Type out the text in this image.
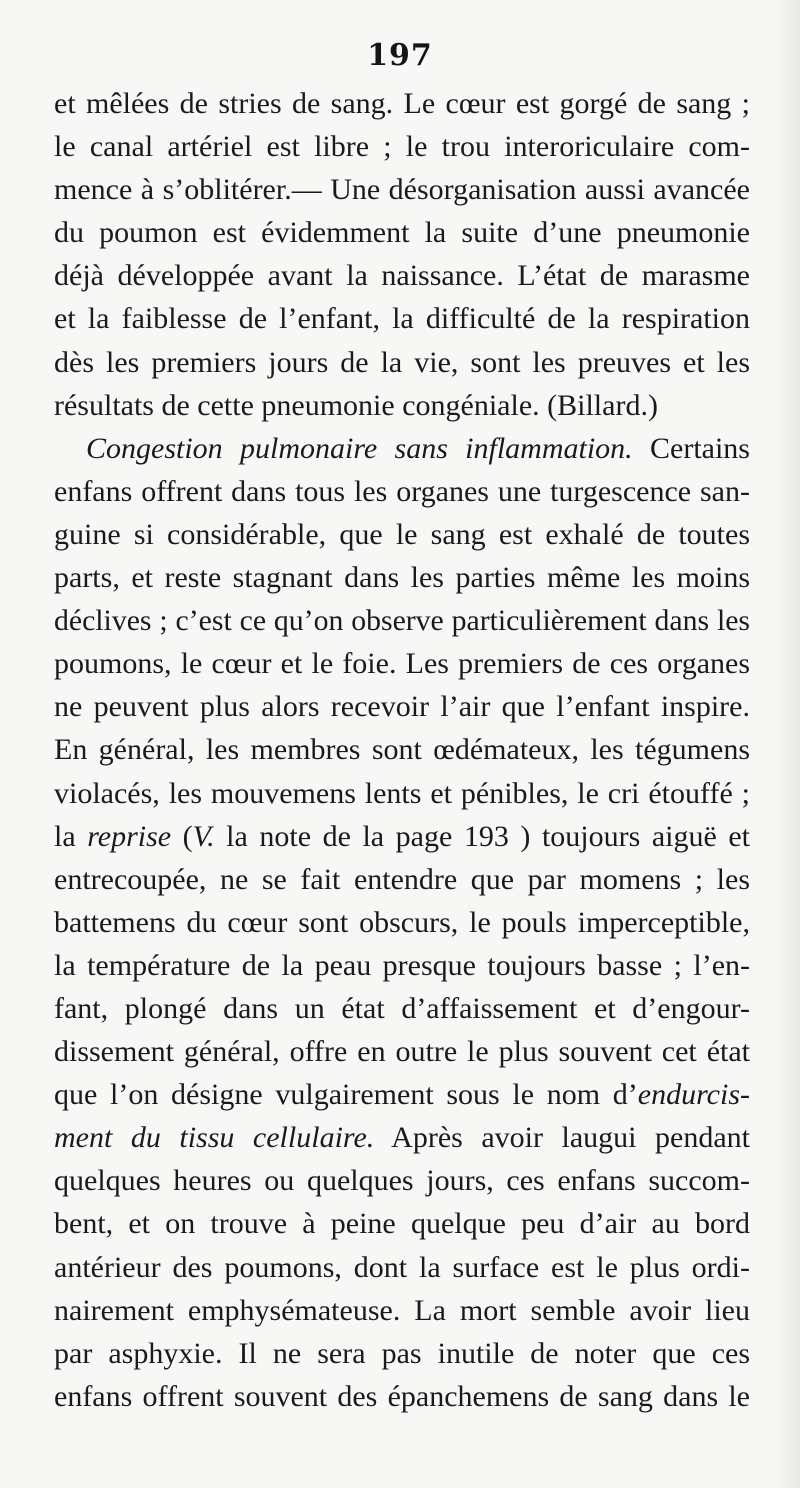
197
et mêlées de stries de sang. Le cœur est gorgé de sang ;
le canal artériel est libre ; le trou interoriculaire com-
mence à s’oblitérer.— Une désorganisation aussi avancée
du poumon est évidemment la suite d’une pneumonie
déjà développée avant la naissance. L’état de marasme
et la faiblesse de l’enfant, la difficulté de la respiration
dès les premiers jours de la vie, sont les preuves et les
résultats de cette pneumonie congéniale. (Billard.)
Congestion pulmonaire sans inflammation. Certains
enfans offrent dans tous les organes une turgescence san-
guine si considérable, que le sang est exhalé de toutes
parts, et reste stagnant dans les parties même les moins
déclives ; c’est ce qu’on observe particulièrement dans les
poumons, le cœur et le foie. Les premiers de ces organes
ne peuvent plus alors recevoir l’air que l’enfant inspire.
En général, les membres sont œdémateux, les tégumens
violacés, les mouvemens lents et pénibles, le cri étouffé ;
la reprise (V. la note de la page 193 ) toujours aiguë et
entrecoupée, ne se fait entendre que par momens ; les
battemens du cœur sont obscurs, le pouls imperceptible,
la température de la peau presque toujours basse ; l’en-
fant, plongé dans un état d’affaissement et d’engour-
dissement général, offre en outre le plus souvent cet état
que l’on désigne vulgairement sous le nom d’endurcis-
ment du tissu cellulaire. Après avoir laugui pendant
quelques heures ou quelques jours, ces enfans succom-
bent, et on trouve à peine quelque peu d’air au bord
antérieur des poumons, dont la surface est le plus ordi-
nairement emphysémateuse. La mort semble avoir lieu
par asphyxie. Il ne sera pas inutile de noter que ces
enfans offrent souvent des épanchemens de sang dans le
